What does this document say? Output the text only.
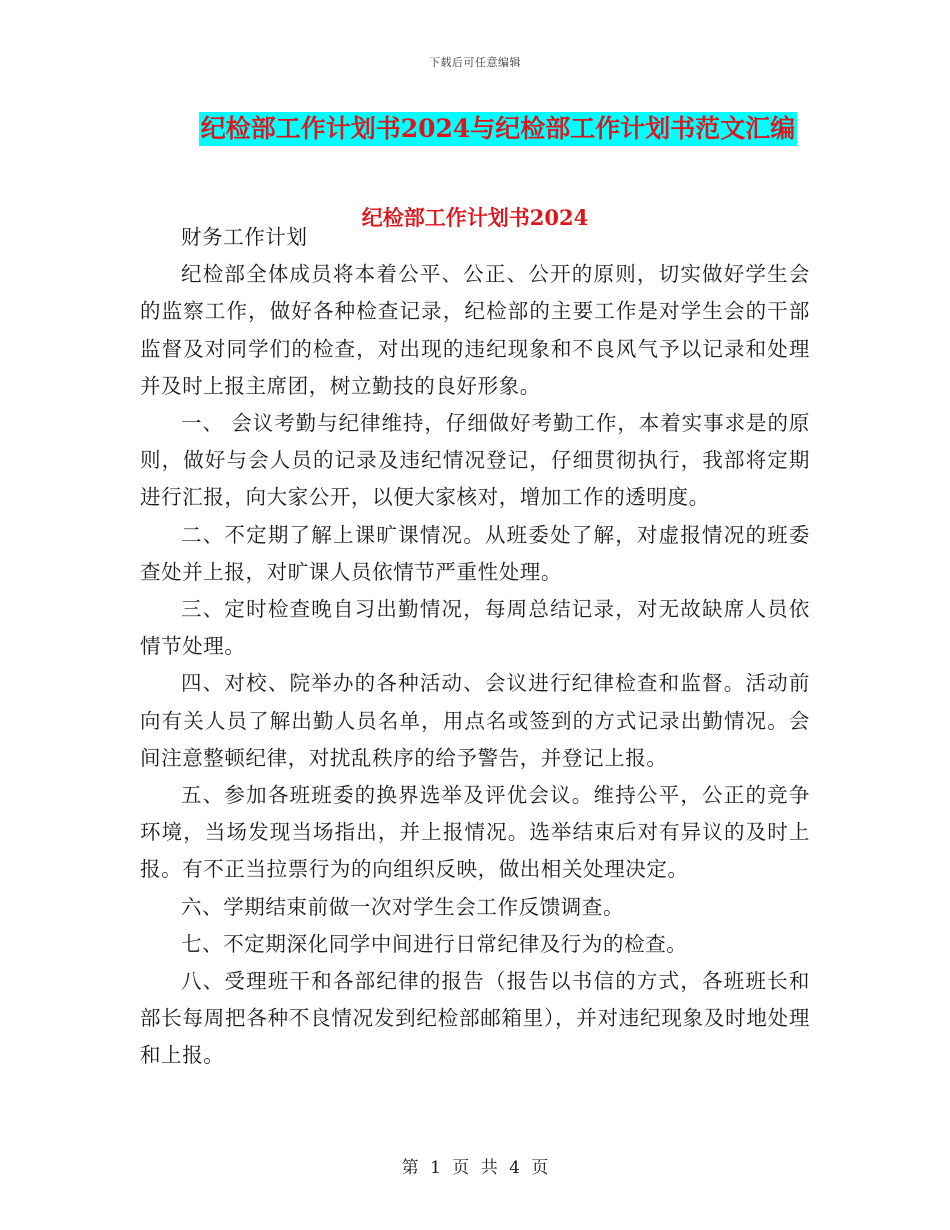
下载后可任意编辑
纪检部工作计划书2024与纪检部工作计划书范文汇编
纪检部工作计划书2024

财务工作计划

纪检部全体成员将本着公平、公正、公开的原则，切实做好学生会的监察工作，做好各种检查记录，纪检部的主要工作是对学生会的干部监督及对同学们的检查，对出现的违纪现象和不良风气予以记录和处理并及时上报主席团，树立勤技的良好形象。

一、 会议考勤与纪律维持，仔细做好考勤工作，本着实事求是的原则，做好与会人员的记录及违纪情况登记，仔细贯彻执行，我部将定期进行汇报，向大家公开，以便大家核对，增加工作的透明度。

二、不定期了解上课旷课情况。从班委处了解，对虚报情况的班委查处并上报，对旷课人员依情节严重性处理。

三、定时检查晚自习出勤情况，每周总结记录，对无故缺席人员依情节处理。

四、对校、院举办的各种活动、会议进行纪律检查和监督。活动前向有关人员了解出勤人员名单，用点名或签到的方式记录出勤情况。会间注意整顿纪律，对扰乱秩序的给予警告，并登记上报。

五、参加各班班委的换界选举及评优会议。维持公平，公正的竞争环境，当场发现当场指出，并上报情况。选举结束后对有异议的及时上报。有不正当拉票行为的向组织反映，做出相关处理决定。

六、学期结束前做一次对学生会工作反馈调查。

七、不定期深化同学中间进行日常纪律及行为的检查。

八、受理班干和各部纪律的报告（报告以书信的方式，各班班长和部长每周把各种不良情况发到纪检部邮箱里），并对违纪现象及时地处理和上报。

第 1 页 共 4 页
